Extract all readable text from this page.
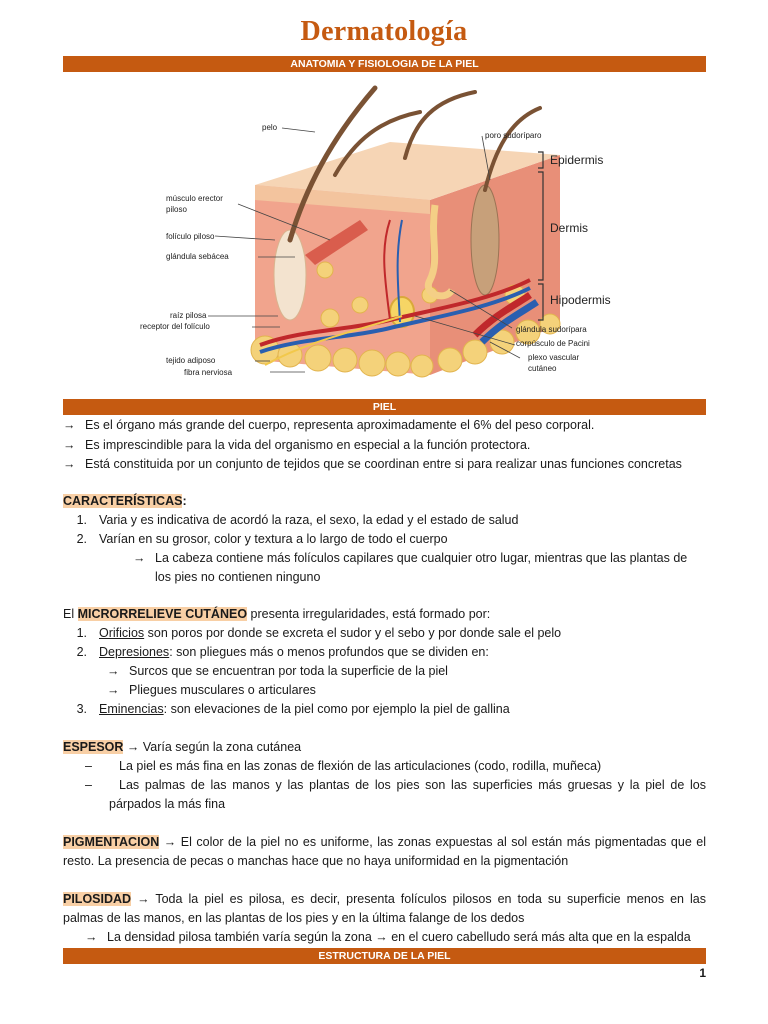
Dermatología
ANATOMIA Y FISIOLOGIA DE LA PIEL
Epidermis
Dermis
Hipodermis
pelo
poro sudoríparo
músculo erector
piloso
folículo piloso
glándula sebácea
raíz pilosa
receptor del folículo
tejido adiposo
fibra nerviosa
glándula sudorípara
corpúsculo de Pacini
plexo vascular
cutáneo
PIEL
→ Es el órgano más grande del cuerpo, representa aproximadamente el 6% del peso corporal.
→ Es imprescindible para la vida del organismo en especial a la función protectora.
→ Está constituida por un conjunto de tejidos que se coordinan entre si para realizar unas funciones concretas
CARACTERÍSTICAS:
1. Varia y es indicativa de acordó la raza, el sexo, la edad y el estado de salud
2. Varían en su grosor, color y textura a lo largo de todo el cuerpo
→ La cabeza contiene más folículos capilares que cualquier otro lugar, mientras que las plantas de
los pies no contienen ninguno
El MICRORRELIEVE CUTÁNEO presenta irregularidades, está formado por:
1. Orificios son poros por donde se excreta el sudor y el sebo y por donde sale el pelo
2. Depresiones: son pliegues más o menos profundos que se dividen en:
→ Surcos que se encuentran por toda la superficie de la piel
→ Pliegues musculares o articulares
3. Eminencias: son elevaciones de la piel como por ejemplo la piel de gallina
ESPESOR → Varía según la zona cutánea
– La piel es más fina en las zonas de flexión de las articulaciones (codo, rodilla, muñeca)
–	Las palmas de las manos y las plantas de los pies son las superficies más gruesas y la piel de los
párpados la más fina
PIGMENTACION → El color de la piel no es uniforme, las zonas expuestas al sol están más pigmentadas que el
resto. La presencia de pecas o manchas hace que no haya uniformidad en la pigmentación
PILOSIDAD → Toda la piel es pilosa, es decir, presenta folículos pilosos en toda su superficie menos en las
palmas de las manos, en las plantas de los pies y en la última falange de los dedos
→ La densidad pilosa también varía según la zona → en el cuero cabelludo será más alta que en la espalda
ESTRUCTURA DE LA PIEL
1
